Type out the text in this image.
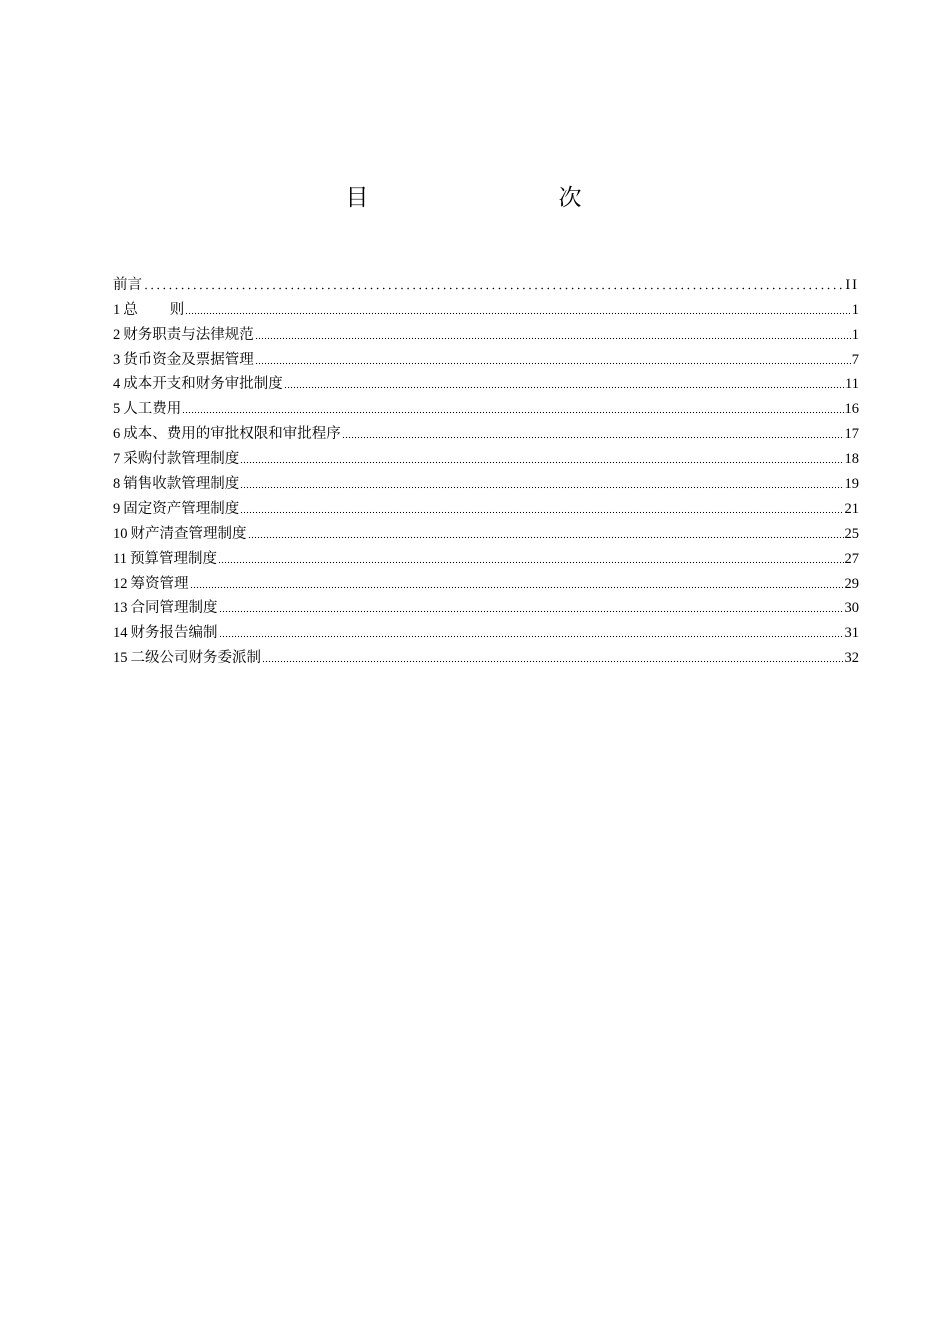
目　　次
前言	II
1 总 则	1
2 财务职责与法律规范	1
3 货币资金及票据管理	7
4 成本开支和财务审批制度	11
5 人工费用	16
6 成本、费用的审批权限和审批程序	17
7 采购付款管理制度	18
8 销售收款管理制度	19
9 固定资产管理制度	21
10 财产清查管理制度	25
11 预算管理制度	27
12 筹资管理	29
13 合同管理制度	30
14 财务报告编制	31
15 二级公司财务委派制	32
